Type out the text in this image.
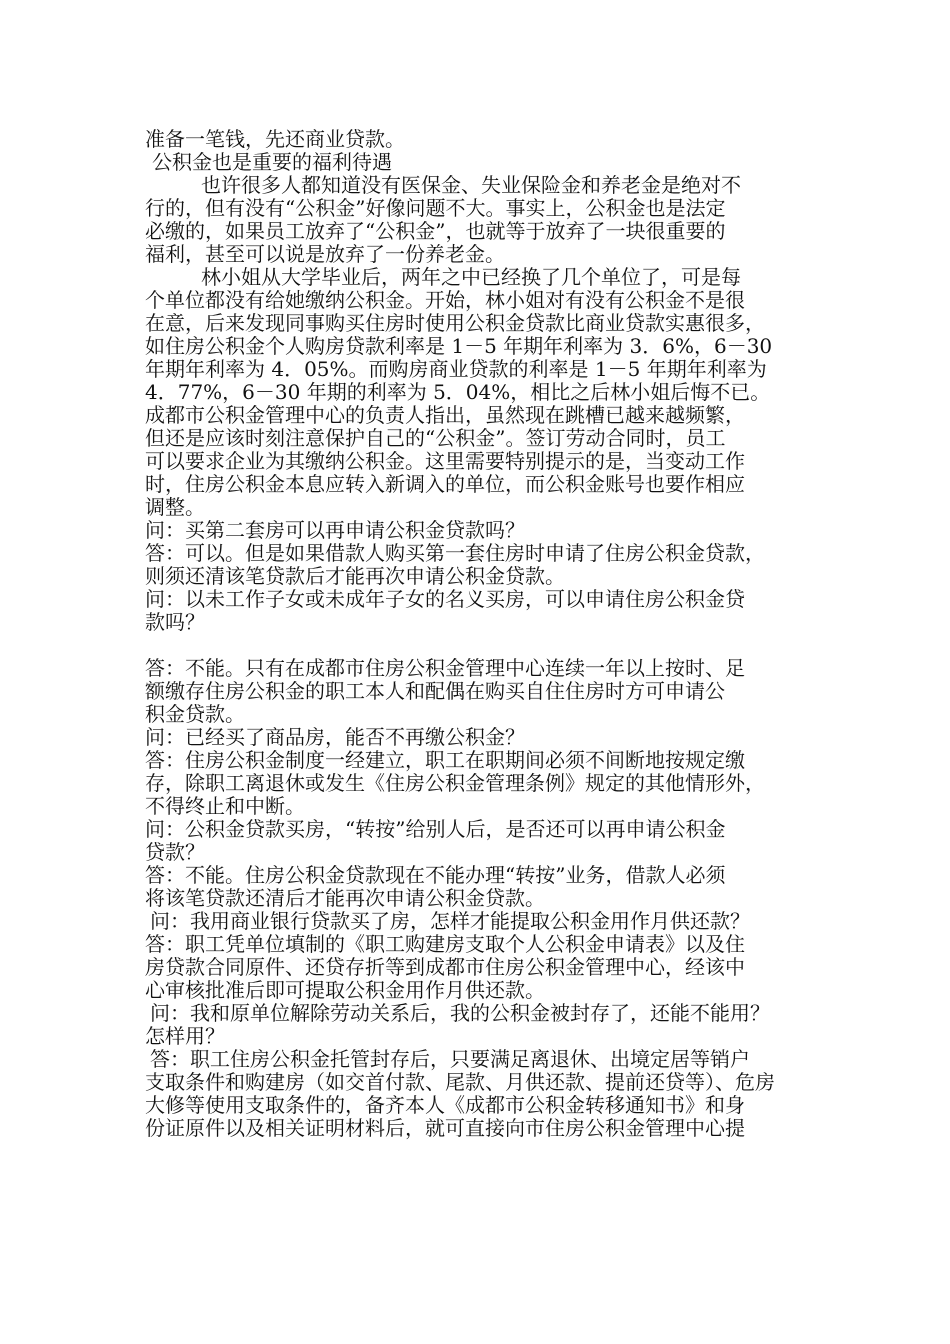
准备一笔钱，先还商业贷款。
公积金也是重要的福利待遇
也许很多人都知道没有医保金、失业保险金和养老金是绝对不
行的，但有没有“公积金”好像问题不大。事实上，公积金也是法定
必缴的，如果员工放弃了“公积金”，也就等于放弃了一块很重要的
福利，甚至可以说是放弃了一份养老金。
林小姐从大学毕业后，两年之中已经换了几个单位了，可是每
个单位都没有给她缴纳公积金。开始，林小姐对有没有公积金不是很
在意，后来发现同事购买住房时使用公积金贷款比商业贷款实惠很多，
如住房公积金个人购房贷款利率是 1－5 年期年利率为 3．6%，6－30
年期年利率为 4．05%。而购房商业贷款的利率是 1－5 年期年利率为
4．77%，6－30 年期的利率为 5．04%，相比之后林小姐后悔不已。
成都市公积金管理中心的负责人指出，虽然现在跳槽已越来越频繁，
但还是应该时刻注意保护自己的“公积金”。签订劳动合同时，员工
可以要求企业为其缴纳公积金。这里需要特别提示的是，当变动工作
时，住房公积金本息应转入新调入的单位，而公积金账号也要作相应
调整。
问：买第二套房可以再申请公积金贷款吗？
答：可以。但是如果借款人购买第一套住房时申请了住房公积金贷款，
则须还清该笔贷款后才能再次申请公积金贷款。
问：以未工作子女或未成年子女的名义买房，可以申请住房公积金贷
款吗？
答：不能。只有在成都市住房公积金管理中心连续一年以上按时、足
额缴存住房公积金的职工本人和配偶在购买自住住房时方可申请公
积金贷款。
问：已经买了商品房，能否不再缴公积金？
答：住房公积金制度一经建立，职工在职期间必须不间断地按规定缴
存，除职工离退休或发生《住房公积金管理条例》规定的其他情形外，
不得终止和中断。
问：公积金贷款买房，“转按”给别人后，是否还可以再申请公积金
贷款？
答：不能。住房公积金贷款现在不能办理“转按”业务，借款人必须
将该笔贷款还清后才能再次申请公积金贷款。
问：我用商业银行贷款买了房，怎样才能提取公积金用作月供还款？
答：职工凭单位填制的《职工购建房支取个人公积金申请表》以及住
房贷款合同原件、还贷存折等到成都市住房公积金管理中心，经该中
心审核批准后即可提取公积金用作月供还款。
问：我和原单位解除劳动关系后，我的公积金被封存了，还能不能用？
怎样用？
答：职工住房公积金托管封存后，只要满足离退休、出境定居等销户
支取条件和购建房（如交首付款、尾款、月供还款、提前还贷等）、危房
大修等使用支取条件的，备齐本人《成都市公积金转移通知书》和身
份证原件以及相关证明材料后，就可直接向市住房公积金管理中心提
